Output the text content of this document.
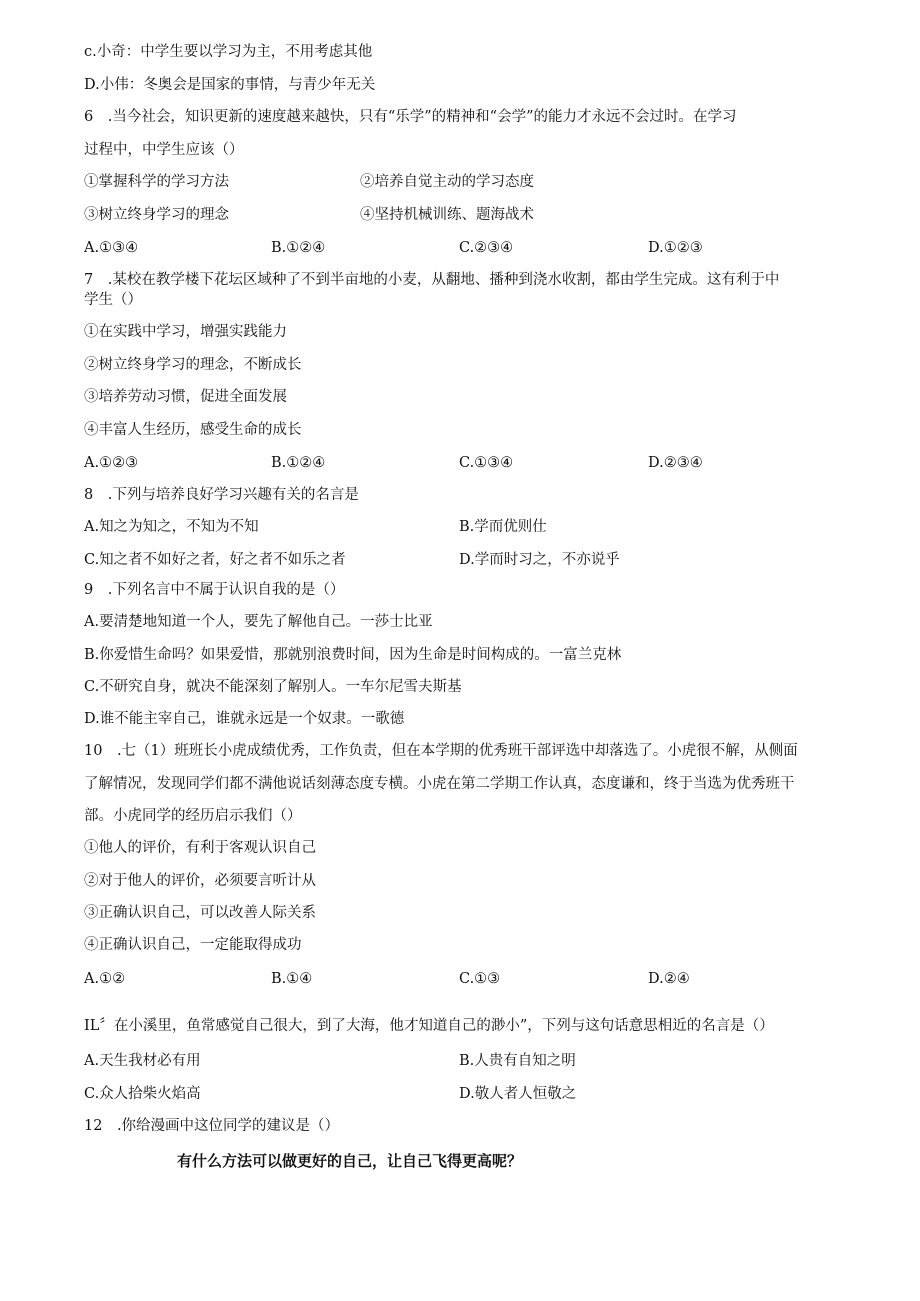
c.小奇：中学生要以学习为主，不用考虑其他
D.小伟：冬奥会是国家的事情，与青少年无关
6　.当今社会，知识更新的速度越来越快，只有“乐学”的精神和“会学”的能力才永远不会过时。在学习
过程中，中学生应该（）
①掌握科学的学习方法	②培养自觉主动的学习态度
③树立终身学习的理念	④坚持机械训练、题海战术
A.①③④	B.①②④	C.②③④	D.①②③
7　.某校在教学楼下花坛区域种了不到半亩地的小麦，从翻地、播种到浇水收割，都由学生完成。这有利于中
学生（）
①在实践中学习，增强实践能力
②树立终身学习的理念，不断成长
③培养劳动习惯，促进全面发展
④丰富人生经历，感受生命的成长
A.①②③	B.①②④	C.①③④	D.②③④
8　.下列与培养良好学习兴趣有关的名言是
A.知之为知之，不知为不知	B.学而优则仕
C.知之者不如好之者，好之者不如乐之者	D.学而时习之，不亦说乎
9　.下列名言中不属于认识自我的是（）
A.要清楚地知道一个人，要先了解他自己。一莎士比亚
B.你爱惜生命吗？如果爱惜，那就别浪费时间，因为生命是时间构成的。一富兰克林
C.不研究自身，就决不能深刻了解别人。一车尔尼雪夫斯基
D.谁不能主宰自己，谁就永远是一个奴隶。一歌德
10　.七（1）班班长小虎成绩优秀，工作负责，但在本学期的优秀班干部评选中却落选了。小虎很不解，从侧面
了解情况，发现同学们都不满他说话刻薄态度专横。小虎在第二学期工作认真，态度谦和，终于当选为优秀班干
部。小虎同学的经历启示我们（）
①他人的评价，有利于客观认识自己
②对于他人的评价，必须要言听计从
③正确认识自己，可以改善人际关系
④正确认识自己，一定能取得成功
A.①②	B.①④	C.①③	D.②④
IL〞在小溪里，鱼常感觉自己很大，到了大海，他才知道自己的渺小”，下列与这句话意思相近的名言是（）
A.天生我材必有用	B.人贵有自知之明
C.众人拾柴火焰高	D.敬人者人恒敬之
12　.你给漫画中这位同学的建议是（）
有什么方法可以做更好的自己，让自己飞得更高呢？
